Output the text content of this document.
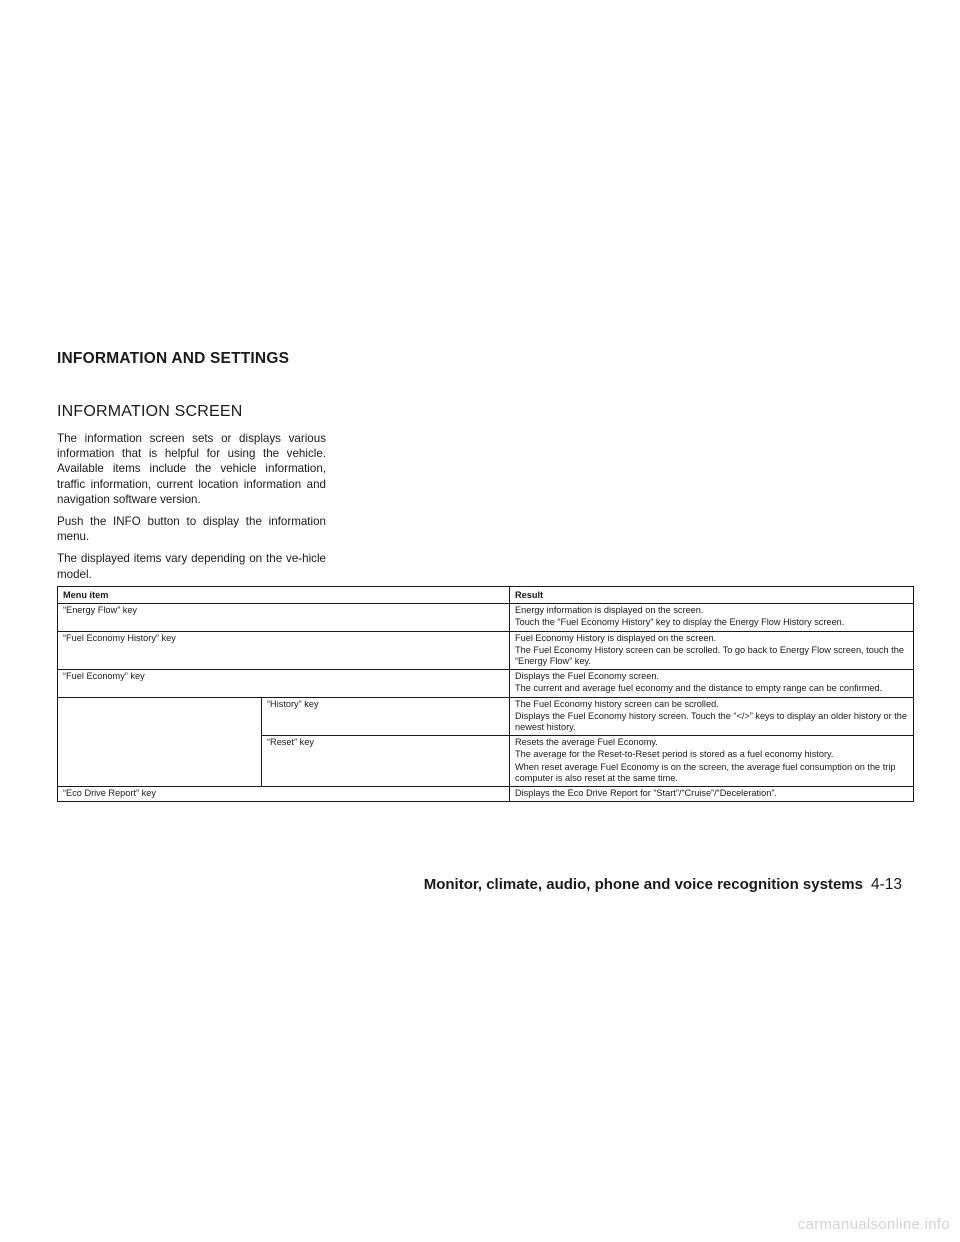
INFORMATION AND SETTINGS
INFORMATION SCREEN

The information screen sets or displays various information that is helpful for using the vehicle. Available items include the vehicle information, traffic information, current location information and navigation software version.

Push the INFO button to display the information menu.

The displayed items vary depending on the ve-hicle model.

Menu item		Result
“Energy Flow” key		Energy information is displayed on the screen.
Touch the “Fuel Economy History” key to display the Energy Flow History screen.

“Fuel Economy History” key		Fuel Economy History is displayed on the screen.
The Fuel Economy History screen can be scrolled. To go back to Energy Flow screen, touch the “Energy Flow” key.

“Fuel Economy” key		Displays the Fuel Economy screen.
The current and average fuel economy and the distance to empty range can be confirmed.

	“History” key	The Fuel Economy history screen can be scrolled.
Displays the Fuel Economy history screen. Touch the “</>” keys to display an older history or the newest history.

	“Reset” key	Resets the average Fuel Economy.
The average for the Reset-to-Reset period is stored as a fuel economy history.
When reset average Fuel Economy is on the screen, the average fuel consumption on the trip computer is also reset at the same time.

“Eco Drive Report” key		Displays the Eco Drive Report for “Start”/“Cruise”/“Deceleration”.
Monitor, climate, audio, phone and voice recognition systems 4-13
carmanualsonline.info
